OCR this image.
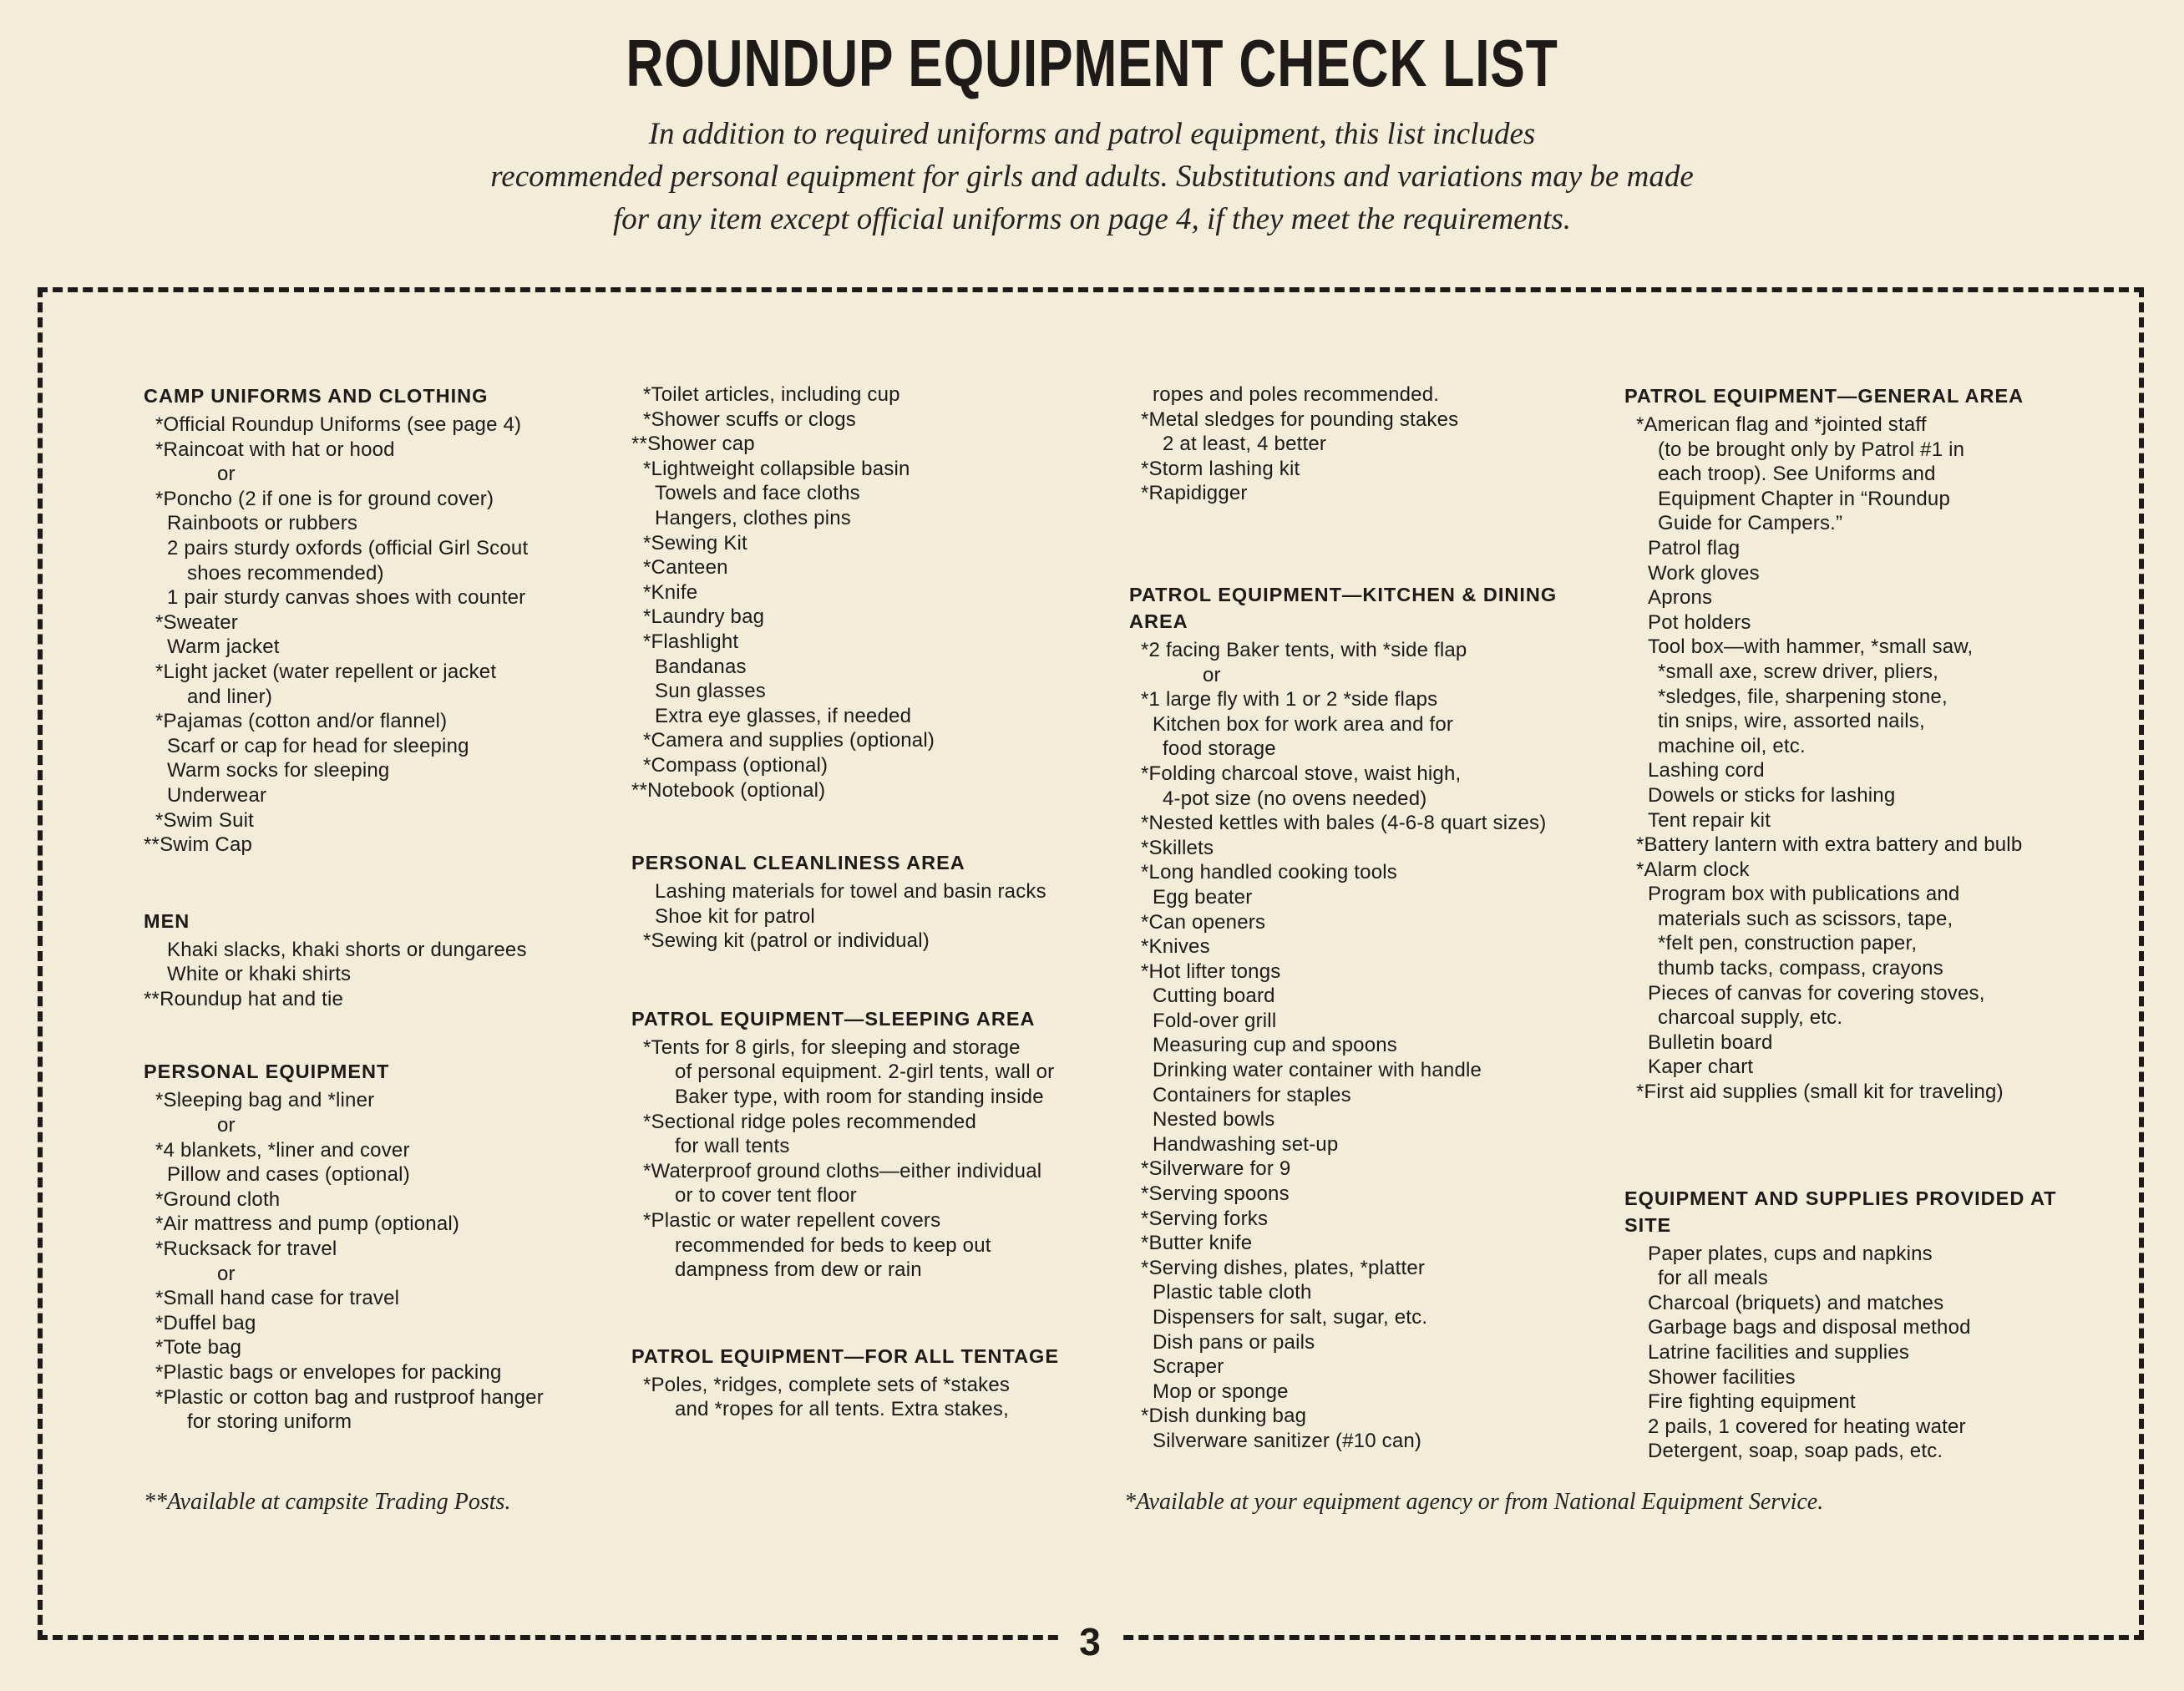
ROUNDUP EQUIPMENT CHECK LIST
In addition to required uniforms and patrol equipment, this list includes
recommended personal equipment for girls and adults. Substitutions and variations may be made
for any item except official uniforms on page 4, if they meet the requirements.
3
CAMP UNIFORMS AND CLOTHING
*Official Roundup Uniforms (see page 4)
*Raincoat with hat or hood
or
*Poncho (2 if one is for ground cover)
Rainboots or rubbers
2 pairs sturdy oxfords (official Girl Scout
shoes recommended)
1 pair sturdy canvas shoes with counter
*Sweater
Warm jacket
*Light jacket (water repellent or jacket
and liner)
*Pajamas (cotton and/or flannel)
Scarf or cap for head for sleeping
Warm socks for sleeping
Underwear
*Swim Suit
**Swim Cap
MEN
Khaki slacks, khaki shorts or dungarees
White or khaki shirts
**Roundup hat and tie
PERSONAL EQUIPMENT
*Sleeping bag and *liner
or
*4 blankets, *liner and cover
Pillow and cases (optional)
*Ground cloth
*Air mattress and pump (optional)
*Rucksack for travel
or
*Small hand case for travel
*Duffel bag
*Tote bag
*Plastic bags or envelopes for packing
*Plastic or cotton bag and rustproof hanger
for storing uniform
*Toilet articles, including cup
*Shower scuffs or clogs
**Shower cap
*Lightweight collapsible basin
Towels and face cloths
Hangers, clothes pins
*Sewing Kit
*Canteen
*Knife
*Laundry bag
*Flashlight
Bandanas
Sun glasses
Extra eye glasses, if needed
*Camera and supplies (optional)
*Compass (optional)
**Notebook (optional)
PERSONAL CLEANLINESS AREA
Lashing materials for towel and basin racks
Shoe kit for patrol
*Sewing kit (patrol or individual)
PATROL EQUIPMENT—SLEEPING AREA
*Tents for 8 girls, for sleeping and storage
of personal equipment. 2-girl tents, wall or
Baker type, with room for standing inside
*Sectional ridge poles recommended
for wall tents
*Waterproof ground cloths—either individual
or to cover tent floor
*Plastic or water repellent covers
recommended for beds to keep out
dampness from dew or rain
PATROL EQUIPMENT—FOR ALL TENTAGE
*Poles, *ridges, complete sets of *stakes
and *ropes for all tents. Extra stakes,
ropes and poles recommended.
*Metal sledges for pounding stakes
2 at least, 4 better
*Storm lashing kit
*Rapidigger
PATROL EQUIPMENT—KITCHEN & DINING AREA
*2 facing Baker tents, with *side flap
or
*1 large fly with 1 or 2 *side flaps
Kitchen box for work area and for
food storage
*Folding charcoal stove, waist high,
4-pot size (no ovens needed)
*Nested kettles with bales (4-6-8 quart sizes)
*Skillets
*Long handled cooking tools
Egg beater
*Can openers
*Knives
*Hot lifter tongs
Cutting board
Fold-over grill
Measuring cup and spoons
Drinking water container with handle
Containers for staples
Nested bowls
Handwashing set-up
*Silverware for 9
*Serving spoons
*Serving forks
*Butter knife
*Serving dishes, plates, *platter
Plastic table cloth
Dispensers for salt, sugar, etc.
Dish pans or pails
Scraper
Mop or sponge
*Dish dunking bag
Silverware sanitizer (#10 can)
PATROL EQUIPMENT—GENERAL AREA
*American flag and *jointed staff
(to be brought only by Patrol #1 in
each troop). See Uniforms and
Equipment Chapter in “Roundup
Guide for Campers.”
Patrol flag
Work gloves
Aprons
Pot holders
Tool box—with hammer, *small saw,
*small axe, screw driver, pliers,
*sledges, file, sharpening stone,
tin snips, wire, assorted nails,
machine oil, etc.
Lashing cord
Dowels or sticks for lashing
Tent repair kit
*Battery lantern with extra battery and bulb
*Alarm clock
Program box with publications and
materials such as scissors, tape,
*felt pen, construction paper,
thumb tacks, compass, crayons
Pieces of canvas for covering stoves,
charcoal supply, etc.
Bulletin board
Kaper chart
*First aid supplies (small kit for traveling)
EQUIPMENT AND SUPPLIES PROVIDED AT SITE
Paper plates, cups and napkins
for all meals
Charcoal (briquets) and matches
Garbage bags and disposal method
Latrine facilities and supplies
Shower facilities
Fire fighting equipment
2 pails, 1 covered for heating water
Detergent, soap, soap pads, etc.
**Available at campsite Trading Posts.	*Available at your equipment agency or from National Equipment Service.
